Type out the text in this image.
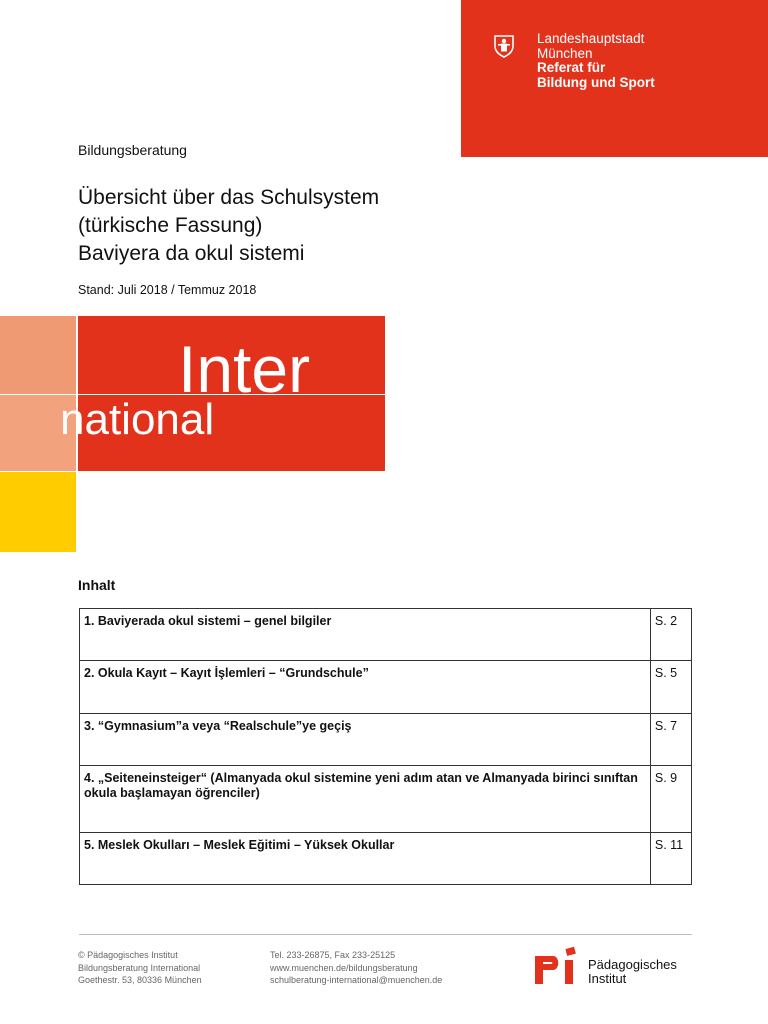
Landeshauptstadt
München
Referat für
Bildung und Sport
Bildungsberatung
Übersicht über das Schulsystem
(türkische Fassung)
Baviyera da okul sistemi
Stand: Juli 2018 / Temmuz 2018
Inter
national
Inhalt
1. Baviyerada okul sistemi – genel bilgiler	S. 2
2. Okula Kayıt – Kayıt İşlemleri – “Grundschule”	S. 5
3. “Gymnasium”a veya “Realschule”ye geçiş	S. 7
4. „Seiteneinsteiger“ (Almanyada okul sistemine yeni adım atan ve Almanyada birinci sınıftan okula başlamayan öğrenciler)	S. 9
5. Meslek Okulları – Meslek Eğitimi – Yüksek Okullar	S. 11
© Pädagogisches Institut
Bildungsberatung International
Goethestr. 53, 80336 München
Tel. 233-26875, Fax 233-25125
www.muenchen.de/bildungsberatung
schulberatung-international@muenchen.de
Pädagogisches
Institut
